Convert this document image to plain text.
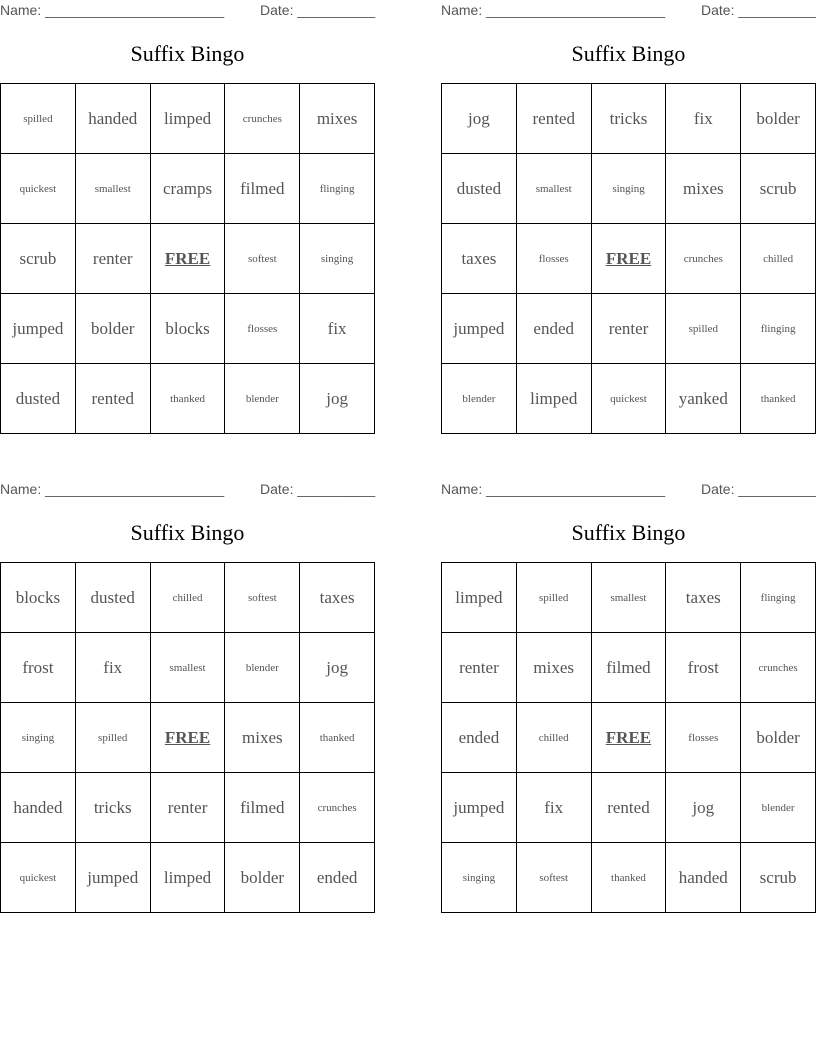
Name: _______________________	Date: __________
Suffix Bingo
spilled	handed	limped	crunches	mixes
quickest	smallest	cramps	filmed	flinging
scrub	renter	FREE	softest	singing
jumped	bolder	blocks	flosses	fix
dusted	rented	thanked	blender	jog
Name: _______________________	Date: __________
Suffix Bingo
jog	rented	tricks	fix	bolder
dusted	smallest	singing	mixes	scrub
taxes	flosses	FREE	crunches	chilled
jumped	ended	renter	spilled	flinging
blender	limped	quickest	yanked	thanked
Name: _______________________	Date: __________
Suffix Bingo
blocks	dusted	chilled	softest	taxes
frost	fix	smallest	blender	jog
singing	spilled	FREE	mixes	thanked
handed	tricks	renter	filmed	crunches
quickest	jumped	limped	bolder	ended
Name: _______________________	Date: __________
Suffix Bingo
limped	spilled	smallest	taxes	flinging
renter	mixes	filmed	frost	crunches
ended	chilled	FREE	flosses	bolder
jumped	fix	rented	jog	blender
singing	softest	thanked	handed	scrub
